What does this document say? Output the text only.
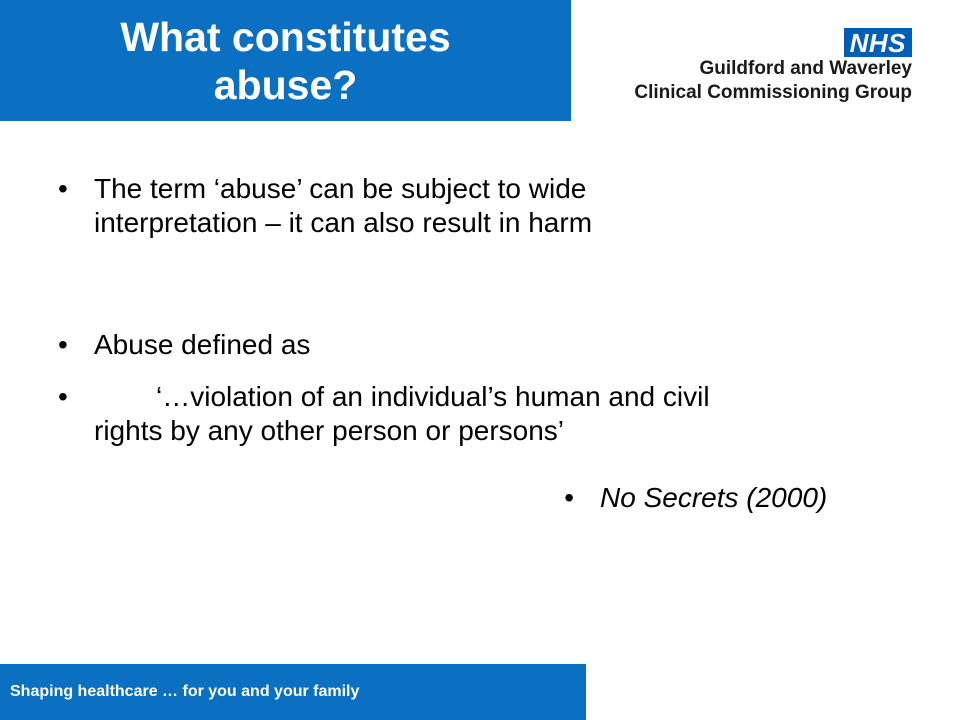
What constitutes
abuse?
NHS
Guildford and Waverley
Clinical Commissioning Group
• The term ‘abuse’ can be subject to wide
interpretation – it can also result in harm
• Abuse defined as
•	‘…violation of an individual’s human and civil
rights by any other person or persons’
• No Secrets (2000)
Shaping healthcare … for you and your family
